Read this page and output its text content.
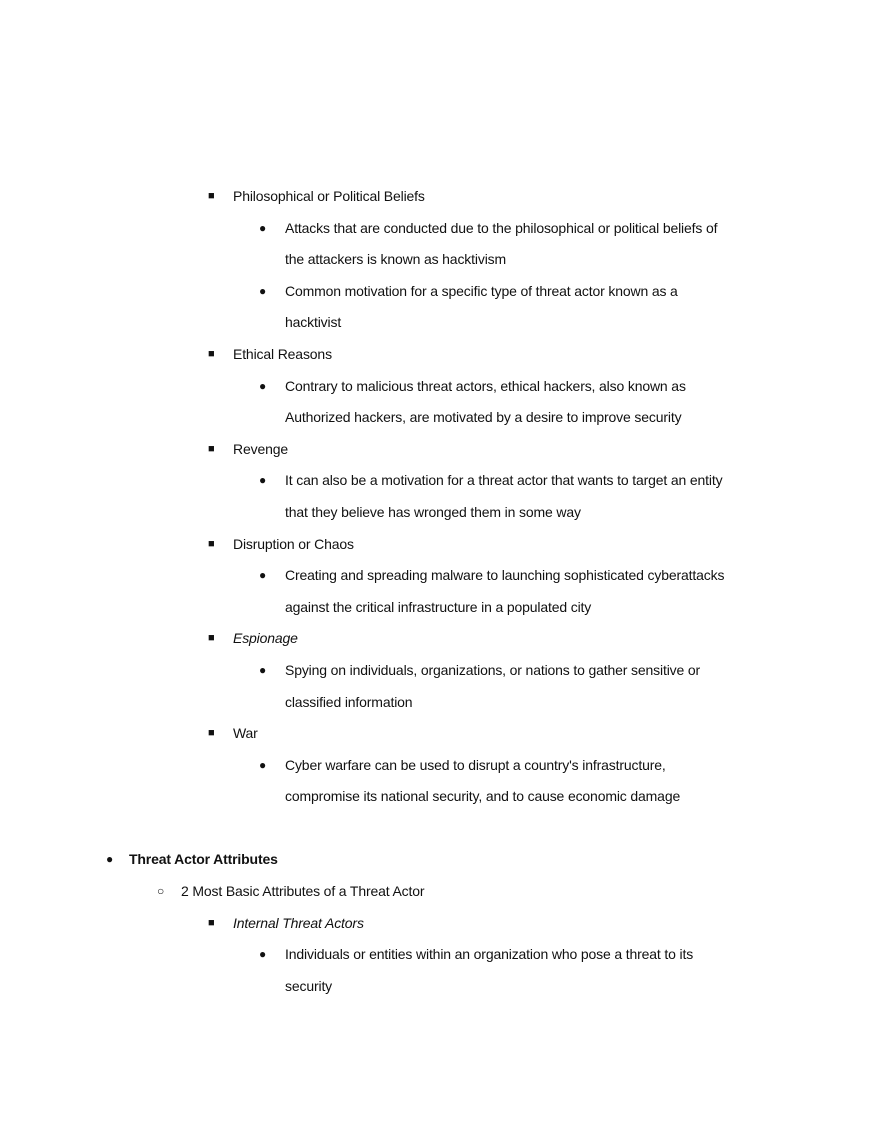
■ Philosophical or Political Beliefs
● Attacks that are conducted due to the philosophical or political beliefs of
the attackers is known as hacktivism
● Common motivation for a specific type of threat actor known as a
hacktivist
■ Ethical Reasons
● Contrary to malicious threat actors, ethical hackers, also known as
Authorized hackers, are motivated by a desire to improve security
■ Revenge
● It can also be a motivation for a threat actor that wants to target an entity
that they believe has wronged them in some way
■ Disruption or Chaos
● Creating and spreading malware to launching sophisticated cyberattacks
against the critical infrastructure in a populated city
■ Espionage
● Spying on individuals, organizations, or nations to gather sensitive or
classified information
■ War
● Cyber warfare can be used to disrupt a country's infrastructure,
compromise its national security, and to cause economic damage
● Threat Actor Attributes
○ 2 Most Basic Attributes of a Threat Actor
■ Internal Threat Actors
● Individuals or entities within an organization who pose a threat to its
security
